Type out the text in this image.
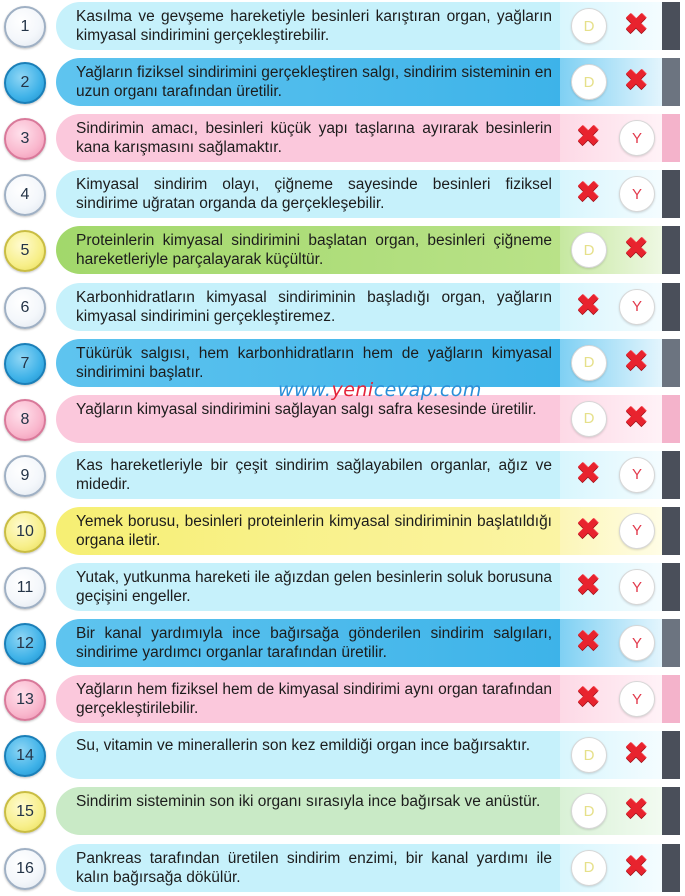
1
Kasılma ve gevşeme hareketiyle besinleri karıştıran organ, yağların kimyasal sindirimini gerçekleştirebilir.
D ✖
2
Yağların fiziksel sindirimini gerçekleştiren salgı, sindirim sisteminin en uzun organı tarafından üretilir.
D ✖
3
Sindirimin amacı, besinleri küçük yapı taşlarına ayırarak besinlerin kana karışmasını sağlamaktır.	✖	Y
4
Kimyasal sindirim olayı, çiğneme sayesinde besinleri fiziksel sindirime uğratan organda da gerçekleşebilir.	✖	Y
5
Proteinlerin kimyasal sindirimini başlatan organ, besinleri çiğneme hareketleriyle parçalayarak küçültür.
D ✖
6
Karbonhidratların kimyasal sindiriminin başladığı organ, yağların kimyasal sindirimini gerçekleştiremez.	✖	Y
7
Tükürük salgısı, hem karbonhidratların hem de yağların kimyasal sindirimini başlatır.
D ✖
8
Yağların kimyasal sindirimini sağlayan salgı safra kesesinde üretilir.
D ✖
9
Kas hareketleriyle bir çeşit sindirim sağlayabilen organlar, ağız ve midedir.	✖	Y
10
Yemek borusu, besinleri proteinlerin kimyasal sindiriminin başlatıldığı organa iletir.	✖	Y
11
Yutak, yutkunma hareketi ile ağızdan gelen besinlerin soluk borusuna geçişini engeller.	✖	Y
12
Bir kanal yardımıyla ince bağırsağa gönderilen sindirim salgıları, sindirime yardımcı organlar tarafından üretilir.	✖	Y
13
Yağların hem fiziksel hem de kimyasal sindirimi aynı organ tarafından gerçekleştirilebilir.	✖	Y
14
Su, vitamin ve minerallerin son kez emildiği organ ince bağırsaktır.
D ✖
15
Sindirim sisteminin son iki organı sırasıyla ince bağırsak ve anüstür.
D ✖
16
Pankreas tarafından üretilen sindirim enzimi, bir kanal yardımı ile kalın bağırsağa dökülür.
D ✖
www.yenicevap.com
